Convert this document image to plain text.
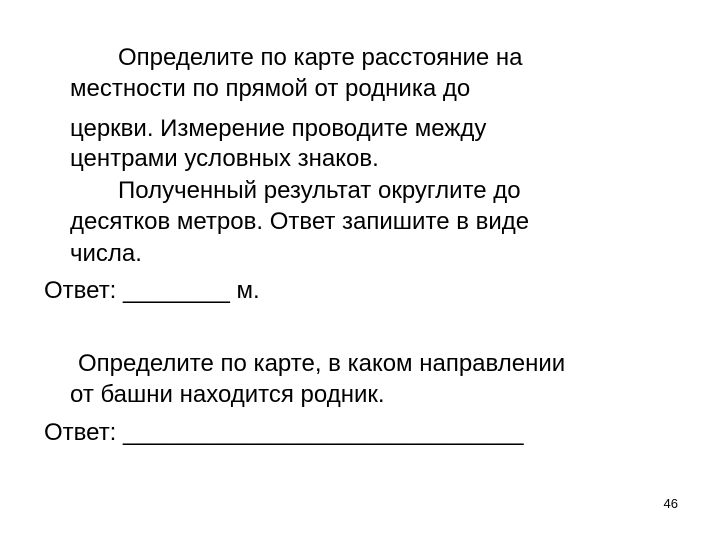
Определите по карте расстояние на
местности по прямой от родника до
церкви. Измерение проводите между
центрами условных знаков.
Полученный результат округлите до
десятков метров. Ответ запишите в виде
числа.
Ответ: ________ м.
Определите по карте, в каком направлении
от башни находится родник.
Ответ: ______________________________
46
